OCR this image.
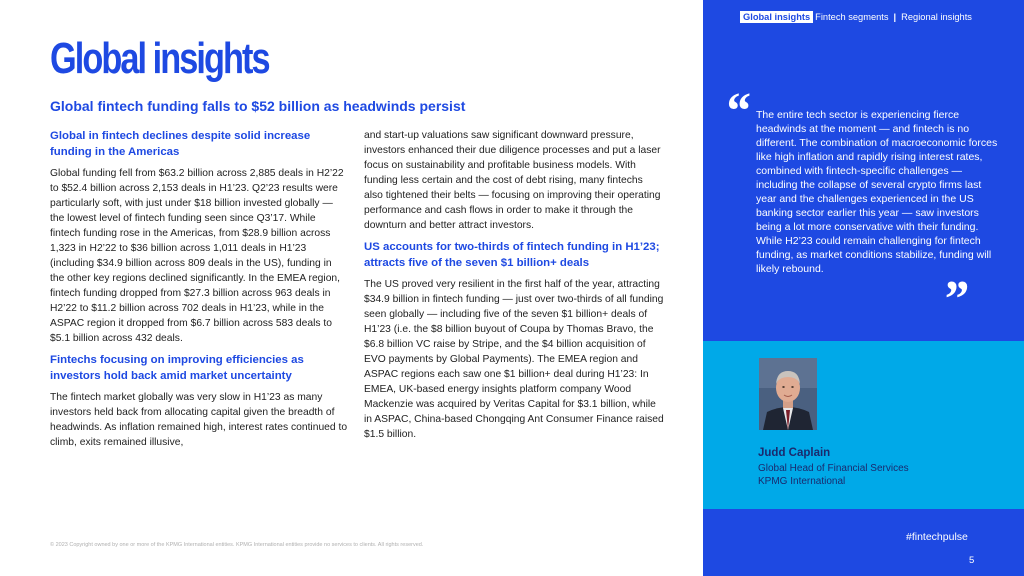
Global insights
Global fintech funding falls to $52 billion as headwinds persist
Global in fintech declines despite solid increase funding in the Americas

Global funding fell from $63.2 billion across 2,885 deals in H2’22 to $52.4 billion across 2,153 deals in H1’23. Q2’23 results were particularly soft, with just under $18 billion invested globally — the lowest level of fintech funding seen since Q3’17. While fintech funding rose in the Americas, from $28.9 billion across 1,323 in H2’22 to $36 billion across 1,011 deals in H1’23 (including $34.9 billion across 809 deals in the US), funding in the other key regions declined significantly. In the EMEA region, fintech funding dropped from $27.3 billion across 963 deals in H2’22 to $11.2 billion across 702 deals in H1’23, while in the ASPAC region it dropped from $6.7 billion across 583 deals to $5.1 billion across 432 deals.

Fintechs focusing on improving efficiencies as investors hold back amid market uncertainty

The fintech market globally was very slow in H1’23 as many investors held back from allocating capital given the breadth of headwinds. As inflation remained high, interest rates continued to climb, exits remained illusive,

and start-up valuations saw significant downward pressure, investors enhanced their due diligence processes and put a laser focus on sustainability and profitable business models. With funding less certain and the cost of debt rising, many fintechs also tightened their belts — focusing on improving their operating performance and cash flows in order to make it through the downturn and better attract investors.

US accounts for two-thirds of fintech funding in H1’23; attracts five of the seven $1 billion+ deals

The US proved very resilient in the first half of the year, attracting $34.9 billion in fintech funding — just over two-thirds of all funding seen globally — including five of the seven $1 billion+ deals of H1’23 (i.e. the $8 billion buyout of Coupa by Thomas Bravo, the $6.8 billion VC raise by Stripe, and the $4 billion acquisition of EVO payments by Global Payments). The EMEA region and ASPAC regions each saw one $1 billion+ deal during H1’23: In EMEA, UK-based energy insights platform company Wood Mackenzie was acquired by Veritas Capital for $3.1 billion, while in ASPAC, China-based Chongqing Ant Consumer Finance raised $1.5 billion.

© 2023 Copyright owned by one or more of the KPMG International entities. KPMG International entities provide no services to clients. All rights reserved.
Global insights Fintech segments | Regional insights
“ The entire tech sector is experiencing fierce headwinds at the moment — and fintech is no different. The combination of macroeconomic forces like high inflation and rapidly rising interest rates, combined with fintech-specific challenges — including the collapse of several crypto firms last year and the challenges experienced in the US banking sector earlier this year — saw investors being a lot more conservative with their funding. While H2’23 could remain challenging for fintech funding, as market conditions stabilize, funding will likely rebound.
”
Judd Caplain
Global Head of Financial Services
KPMG International
#fintechpulse
5
